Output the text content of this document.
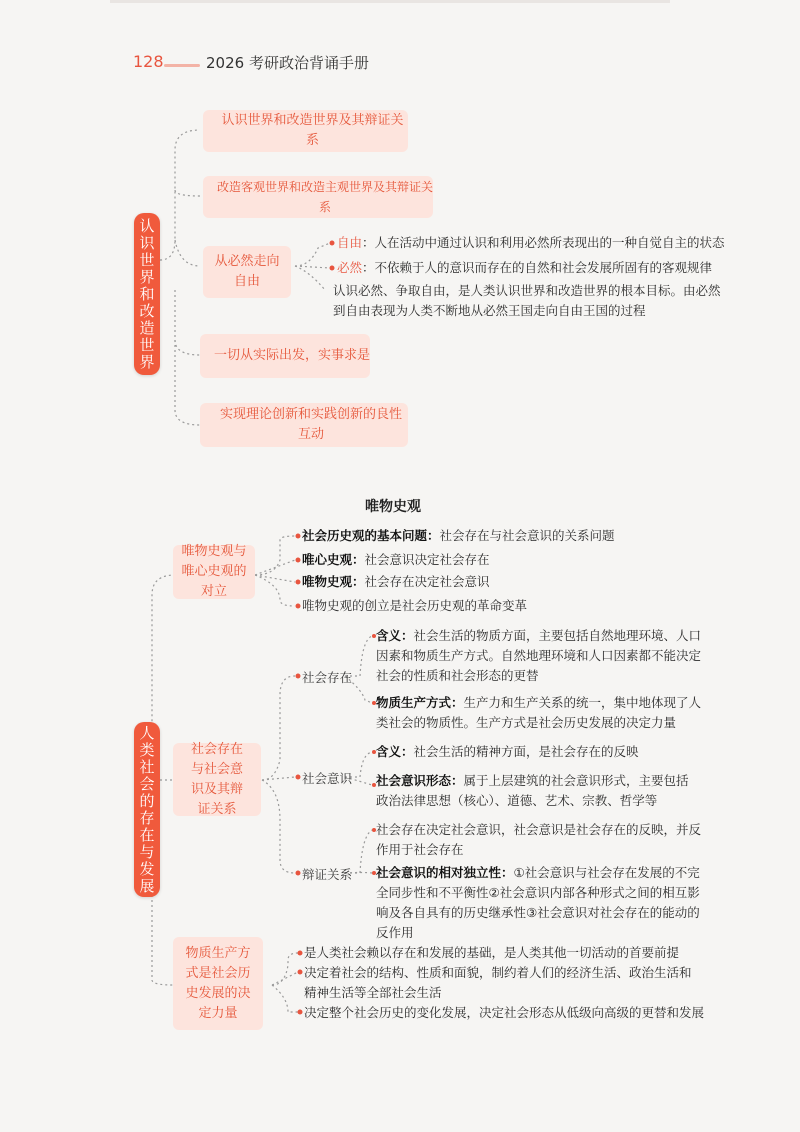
128	2026 考研政治背诵手册
认识世界和改造世界
认识世界和改造世界及其辩证关系
改造客观世界和改造主观世界及其辩证关系
从必然走向自由
一切从实际出发，实事求是
实现理论创新和实践创新的良性互动
自由：人在活动中通过认识和利用必然所表现出的一种自觉自主的状态
必然：不依赖于人的意识而存在的自然和社会发展所固有的客观规律
认识必然、争取自由，是人类认识世界和改造世界的根本目标。由必然
到自由表现为人类不断地从必然王国走向自由王国的过程
唯物史观
人类社会的存在与发展
唯物史观与唯心史观的对立
社会存在与社会意识及其辩证关系
物质生产方式是社会历史发展的决定力量
社会历史观的基本问题：社会存在与社会意识的关系问题
唯心史观：社会意识决定社会存在
唯物史观：社会存在决定社会意识
唯物史观的创立是社会历史观的革命变革
社会存在
社会意识
辩证关系
含义：社会生活的物质方面，主要包括自然地理环境、人口
因素和物质生产方式。自然地理环境和人口因素都不能决定
社会的性质和社会形态的更替
物质生产方式：生产力和生产关系的统一，集中地体现了人
类社会的物质性。生产方式是社会历史发展的决定力量
含义：社会生活的精神方面，是社会存在的反映
社会意识形态：属于上层建筑的社会意识形式，主要包括
政治法律思想（核心）、道德、艺术、宗教、哲学等
社会存在决定社会意识，社会意识是社会存在的反映，并反
作用于社会存在
社会意识的相对独立性：①社会意识与社会存在发展的不完
全同步性和不平衡性②社会意识内部各种形式之间的相互影
响及各自具有的历史继承性③社会意识对社会存在的能动的
反作用
是人类社会赖以存在和发展的基础，是人类其他一切活动的首要前提
决定着社会的结构、性质和面貌，制约着人们的经济生活、政治生活和
精神生活等全部社会生活
决定整个社会历史的变化发展，决定社会形态从低级向高级的更替和发展
